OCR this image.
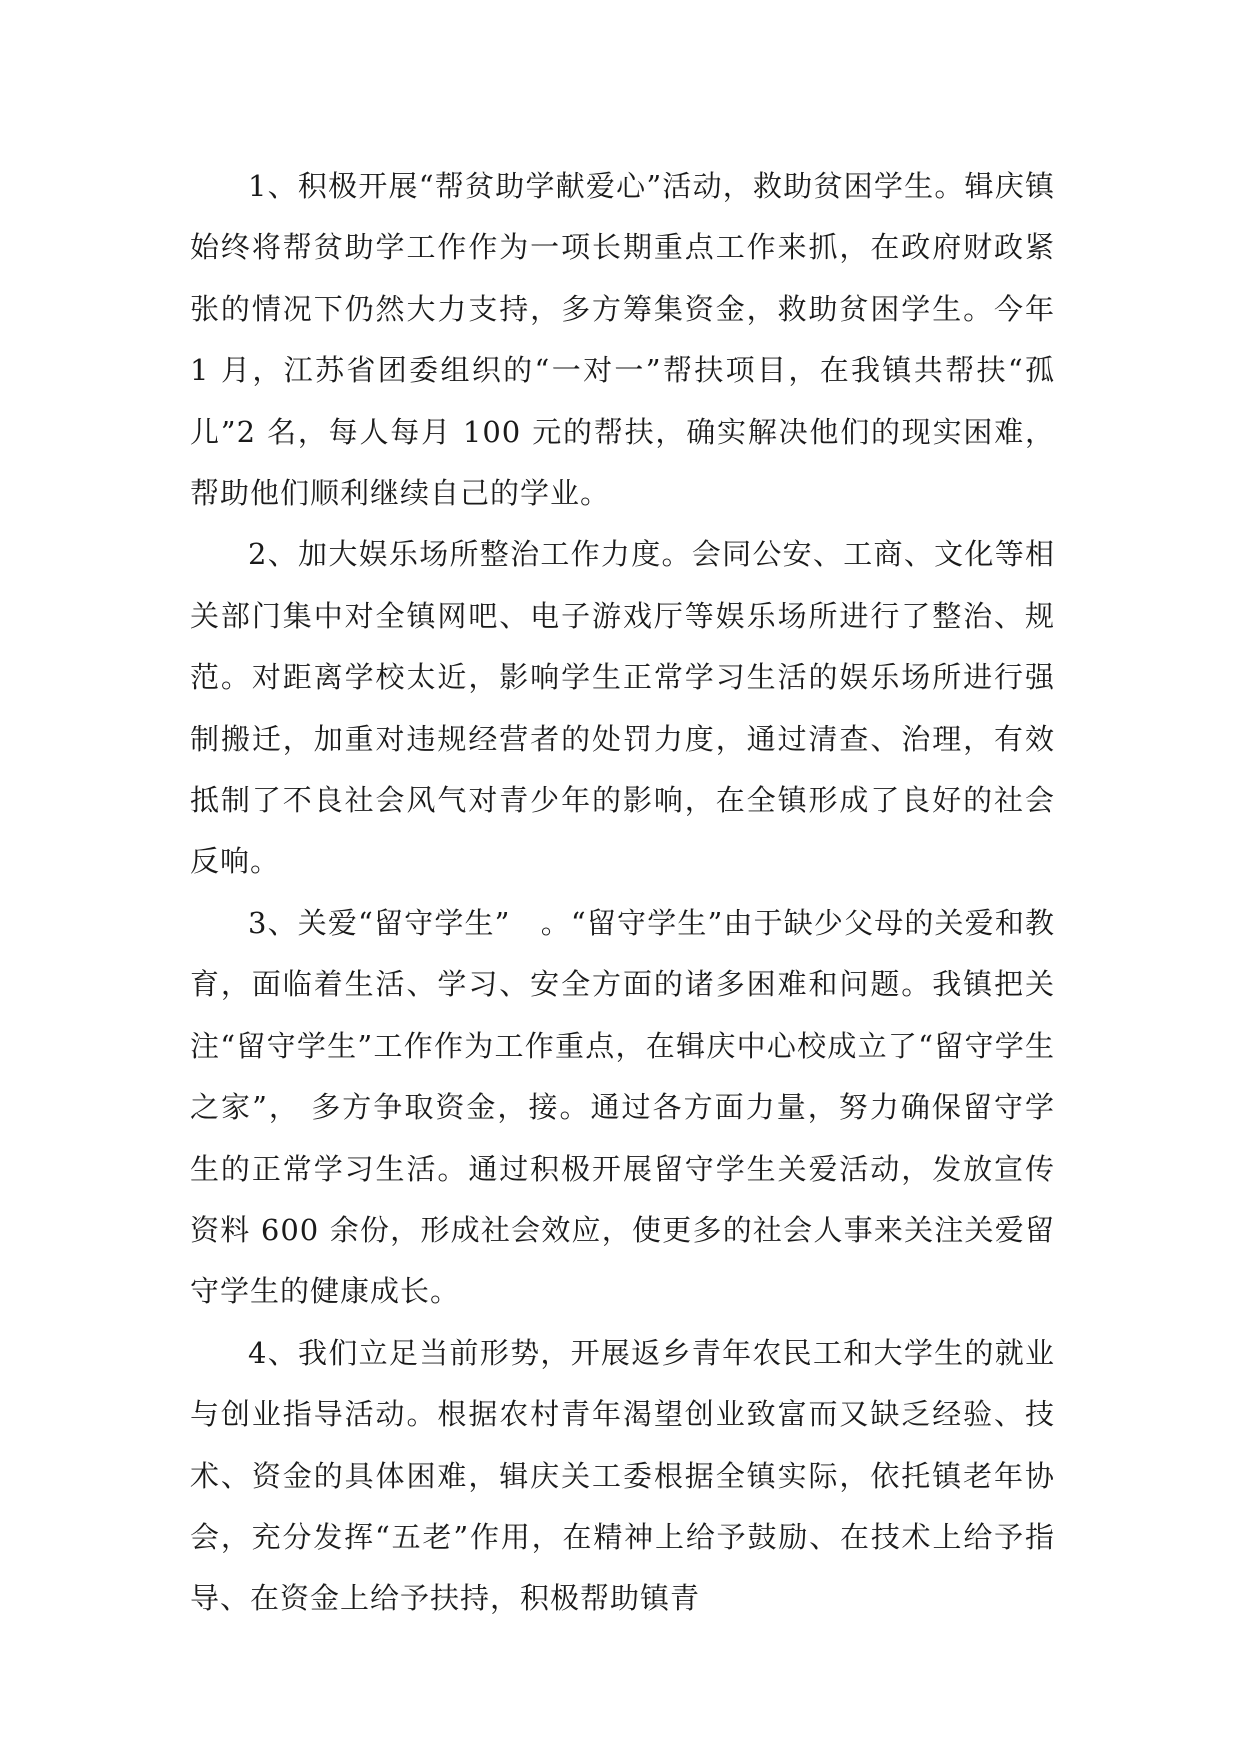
1、积极开展“帮贫助学献爱心”活动，救助贫困学生。辑庆镇始终将帮贫助学工作作为一项长期重点工作来抓，在政府财政紧张的情况下仍然大力支持，多方筹集资金，救助贫困学生。今年 1 月，江苏省团委组织的“一对一”帮扶项目，在我镇共帮扶“孤儿”2 名，每人每月 100 元的帮扶，确实解决他们的现实困难，帮助他们顺利继续自己的学业。

2、加大娱乐场所整治工作力度。会同公安、工商、文化等相关部门集中对全镇网吧、电子游戏厅等娱乐场所进行了整治、规范。对距离学校太近，影响学生正常学习生活的娱乐场所进行强制搬迁，加重对违规经营者的处罚力度，通过清查、治理，有效抵制了不良社会风气对青少年的影响，在全镇形成了良好的社会反响。

3、关爱“留守学生”　。“留守学生”由于缺少父母的关爱和教育，面临着生活、学习、安全方面的诸多困难和问题。我镇把关注“留守学生”工作作为工作重点，在辑庆中心校成立了“留守学生之家”， 多方争取资金，接。通过各方面力量，努力确保留守学生的正常学习生活。通过积极开展留守学生关爱活动，发放宣传资料 600 余份，形成社会效应，使更多的社会人事来关注关爱留守学生的健康成长。

4、我们立足当前形势，开展返乡青年农民工和大学生的就业与创业指导活动。根据农村青年渴望创业致富而又缺乏经验、技术、资金的具体困难，辑庆关工委根据全镇实际，依托镇老年协会，充分发挥“五老”作用，在精神上给予鼓励、在技术上给予指导、在资金上给予扶持，积极帮助镇青
